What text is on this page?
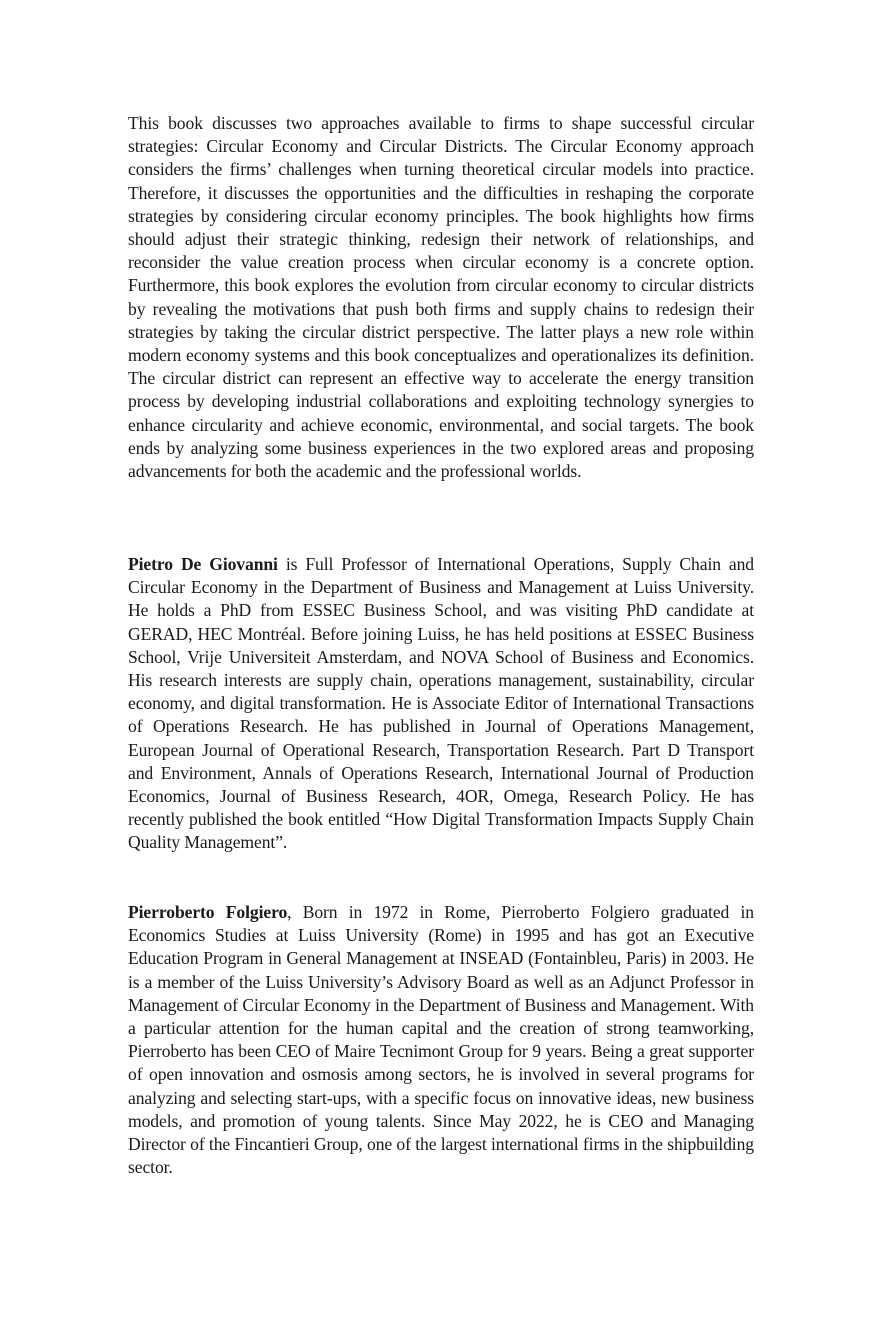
This book discusses two approaches available to firms to shape successful circular strategies: Circular Economy and Circular Districts. The Circular Economy approach considers the firms’ challenges when turning theoretical circular models into practice. Therefore, it discusses the opportunities and the difficulties in reshaping the corporate strategies by considering circular economy principles. The book highlights how firms should adjust their strategic thinking, redesign their network of relationships, and reconsider the value creation process when circular economy is a concrete option. Furthermore, this book explores the evolution from circular economy to circular districts by revealing the motivations that push both firms and supply chains to redesign their strategies by taking the circular district perspective. The latter plays a new role within modern economy systems and this book conceptualizes and operationalizes its definition. The circular district can represent an effective way to accelerate the energy transition process by developing industrial collaborations and exploiting technology synergies to enhance circularity and achieve economic, environmental, and social targets. The book ends by analyzing some business experiences in the two explored areas and proposing advancements for both the academic and the professional worlds.

Pietro De Giovanni is Full Professor of International Operations, Supply Chain and Circular Economy in the Department of Business and Management at Luiss University. He holds a PhD from ESSEC Business School, and was visiting PhD candidate at GERAD, HEC Montréal. Before joining Luiss, he has held positions at ESSEC Business School, Vrije Universiteit Amsterdam, and NOVA School of Business and Economics. His research interests are supply chain, operations management, sustainability, circular economy, and digital transformation. He is Associate Editor of International Transactions of Operations Research. He has published in Journal of Operations Management, European Journal of Operational Research, Transportation Research. Part D Transport and Environment, Annals of Operations Research, International Journal of Production Economics, Journal of Business Research, 4OR, Omega, Research Policy. He has recently published the book entitled “How Digital Transformation Impacts Supply Chain Quality Management”.

Pierroberto Folgiero, Born in 1972 in Rome, Pierroberto Folgiero graduated in Economics Studies at Luiss University (Rome) in 1995 and has got an Executive Education Program in General Management at INSEAD (Fontainbleu, Paris) in 2003. He is a member of the Luiss University’s Advisory Board as well as an Adjunct Professor in Management of Circular Economy in the Department of Business and Management. With a particular attention for the human capital and the creation of strong teamworking, Pierroberto has been CEO of Maire Tecnimont Group for 9 years. Being a great supporter of open innovation and osmosis among sectors, he is involved in several programs for analyzing and selecting start-ups, with a specific focus on innovative ideas, new business models, and promotion of young talents. Since May 2022, he is CEO and Managing Director of the Fincantieri Group, one of the largest international firms in the shipbuilding sector.
